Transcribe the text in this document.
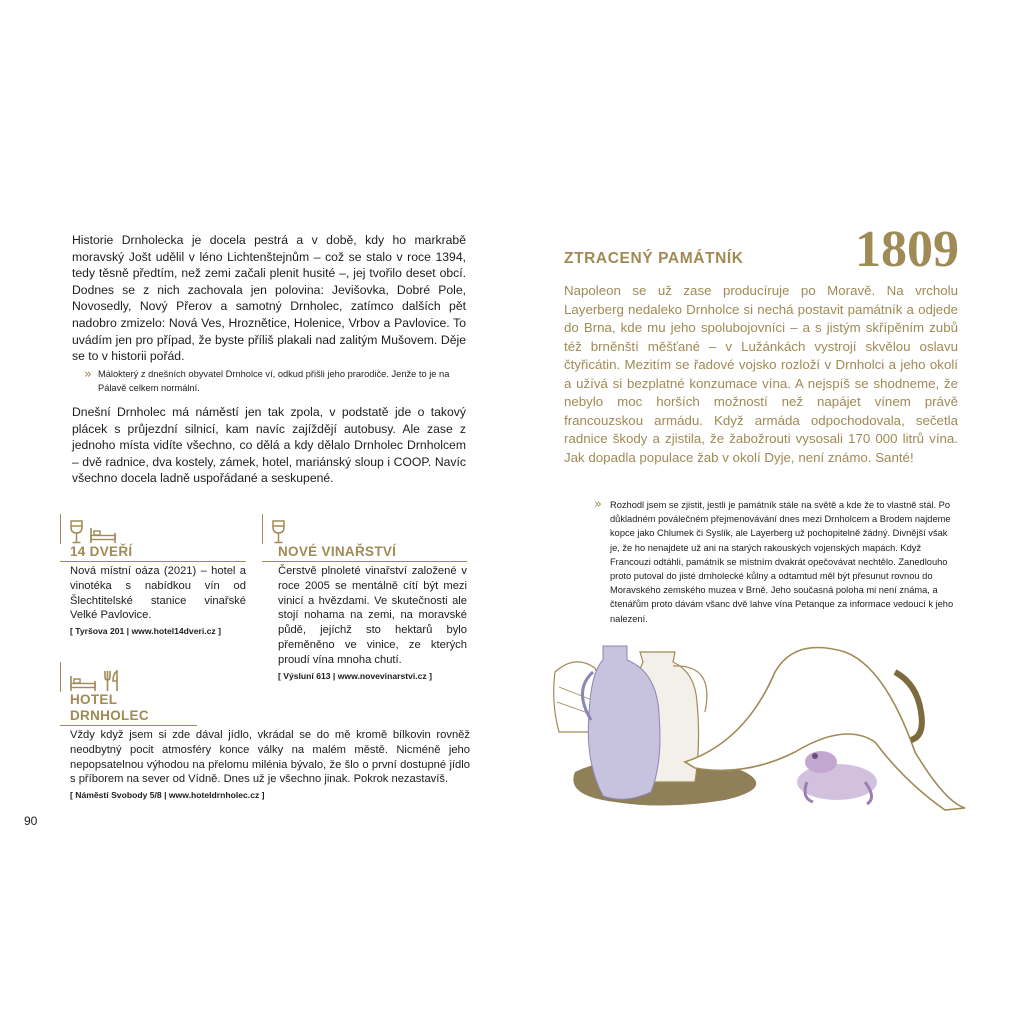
Historie Drnholecka je docela pestrá a v době, kdy ho markrabě moravský Jošt udělil v léno Lichtenštejnům – což se stalo v roce 1394, tedy těsně předtím, než zemi začali plenit husité –, jej tvořilo deset obcí. Dodnes se z nich zachovala jen polovina: Jevišovka, Dobré Pole, Novosedly, Nový Přerov a samotný Drnholec, zatímco dalších pět nadobro zmizelo: Nová Ves, Hroznětice, Holenice, Vrbov a Pavlovice. To uvádím jen pro případ, že byste příliš plakali nad zalitým Mušovem. Děje se to v historii pořád.

» Málokterý z dnešních obyvatel Drnholce ví, odkud přišli jeho prarodiče. Jenže to je na Pálavě celkem normální.

Dnešní Drnholec má náměstí jen tak zpola, v podstatě jde o takový plácek s průjezdní silnicí, kam navíc zajíždějí autobusy. Ale zase z jednoho místa vidíte všechno, co dělá a kdy dělalo Drnholec Drnholcem – dvě radnice, dva kostely, zámek, hotel, mariánský sloup i COOP. Navíc všechno docela ladně uspořádané a seskupené.

14 DVEŘÍ

Nová místní oáza (2021) – hotel a vinotéka s nabídkou vín od Šlechtitelské stanice vinařské Velké Pavlovice.

[ Tyršova 201 | www.hotel14dveri.cz ]

NOVÉ VINAŘSTVÍ

Čerstvě plnoleté vinařství založené v roce 2005 se mentálně cítí být mezi vinicí a hvězdami. Ve skutečnosti ale stojí nohama na zemi, na moravské půdě, jejíchž sto hektarů bylo přeměněno ve vinice, ze kterých proudí vína mnoha chutí.

[ Výsluní 613 | www.novevinarstvi.cz ]

HOTEL DRNHOLEC

Vždy když jsem si zde dával jídlo, vkrádal se do mě kromě bílkovin rovněž neodbytný pocit atmosféry konce války na malém městě. Nicméně jeho nepopsatelnou výhodou na přelomu milénia bývalo, že šlo o první dostupné jídlo s příborem na sever od Vídně. Dnes už je všechno jinak. Pokrok nezastavíš.

[ Náměstí Svobody 5/8 | www.hoteldrnholec.cz ]

90
ZTRACENÝ PAMÁTNÍK 1809

Napoleon se už zase producíruje po Moravě. Na vrcholu Layerberg nedaleko Drnholce si nechá postavit památník a odjede do Brna, kde mu jeho spolubojovníci – a s jistým skřípěním zubů též brněnští měšťané – v Lužánkách vystrojí skvělou oslavu čtyřicátin. Mezitím se řadové vojsko rozloží v Drnholci a jeho okolí a užívá si bezplatné konzumace vína. A nejspíš se shodneme, že nebylo moc horších možností než napájet vínem právě francouzskou armádu. Když armáda odpochodovala, sečetla radnice škody a zjistila, že žabožrouti vysosali 170 000 litrů vína. Jak dopadla populace žab v okolí Dyje, není známo. Santé!

» Rozhodl jsem se zjistit, jestli je památník stále na světě a kde že to vlastně stál. Po důkladném poválečném přejmenovávání dnes mezi Drnholcem a Brodem najdeme kopce jako Chlumek či Syslík, ale Layerberg už pochopitelně žádný. Divnější však je, že ho nenajdete už ani na starých rakouských vojenských mapách. Když Francouzi odtáhli, památník se místním dvakrát opečovávat nechtělo. Zanedlouho proto putoval do jisté drnholecké kůlny a odtamtud měl být přesunut rovnou do Moravského zemského muzea v Brně. Jeho současná poloha mi není známa, a čtenářům proto dávám všanc dvě lahve vína Petanque za informace vedoucí k jeho nalezení.
